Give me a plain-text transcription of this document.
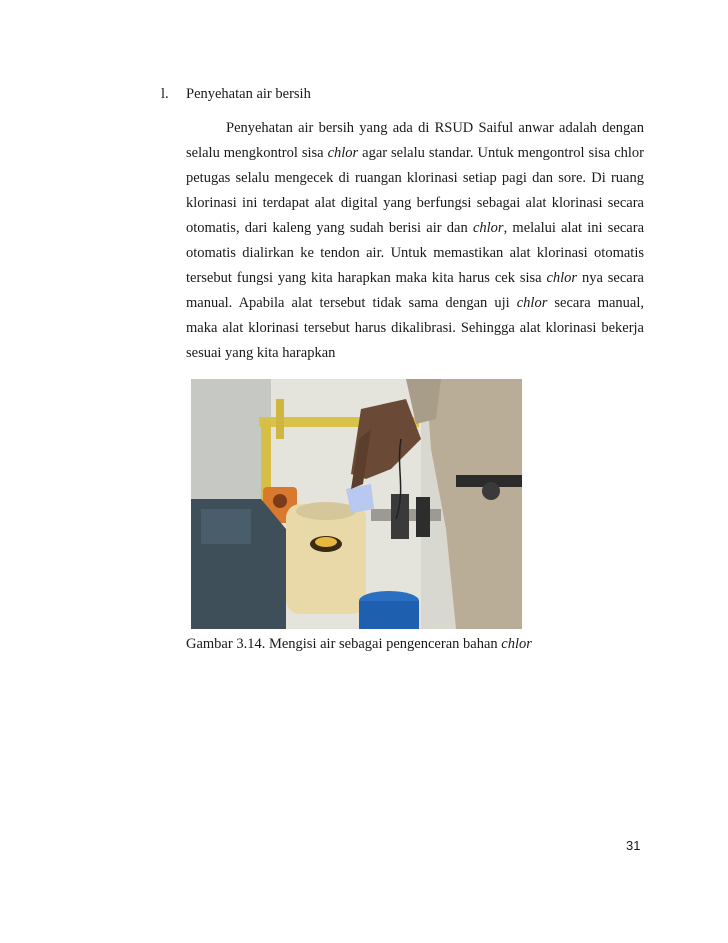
l. Penyehatan air bersih

Penyehatan air bersih yang ada di RSUD Saiful anwar adalah dengan selalu mengkontrol sisa chlor agar selalu standar. Untuk mengontrol sisa chlor petugas selalu mengecek di ruangan klorinasi setiap pagi dan sore. Di ruang klorinasi ini terdapat alat digital yang berfungsi sebagai alat klorinasi secara otomatis, dari kaleng yang sudah berisi air dan chlor, melalui alat ini secara otomatis dialirkan ke tendon air. Untuk memastikan alat klorinasi otomatis tersebut fungsi yang kita harapkan maka kita harus cek sisa chlor nya secara manual. Apabila alat tersebut tidak sama dengan uji chlor secara manual, maka alat klorinasi tersebut harus dikalibrasi. Sehingga alat klorinasi bekerja sesuai yang kita harapkan

Gambar 3.14. Mengisi air sebagai pengenceran bahan chlor
31
